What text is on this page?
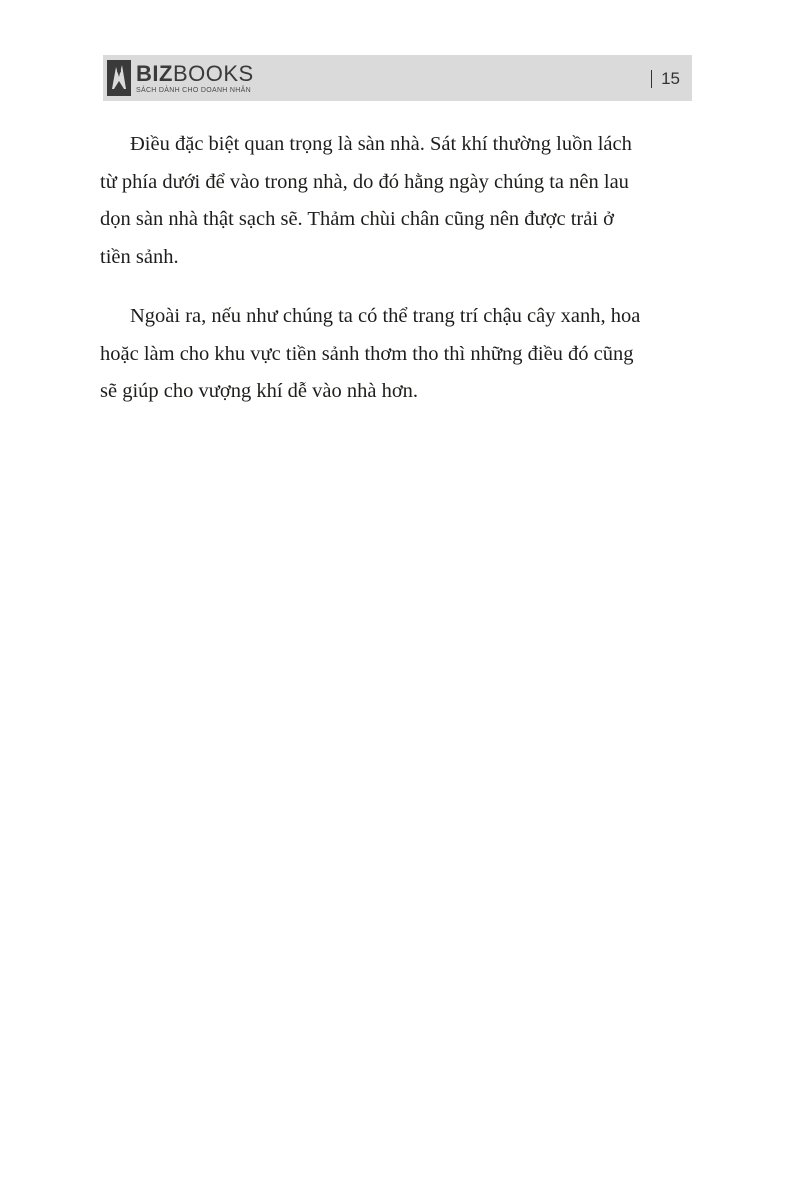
BIZBOOKS
SÁCH DÀNH CHO DOANH NHÂN
15

Điều đặc biệt quan trọng là sàn nhà. Sát khí thường luồn lách
từ phía dưới để vào trong nhà, do đó hằng ngày chúng ta nên lau
dọn sàn nhà thật sạch sẽ. Thảm chùi chân cũng nên được trải ở
tiền sảnh.

Ngoài ra, nếu như chúng ta có thể trang trí chậu cây xanh, hoa
hoặc làm cho khu vực tiền sảnh thơm tho thì những điều đó cũng
sẽ giúp cho vượng khí dễ vào nhà hơn.
